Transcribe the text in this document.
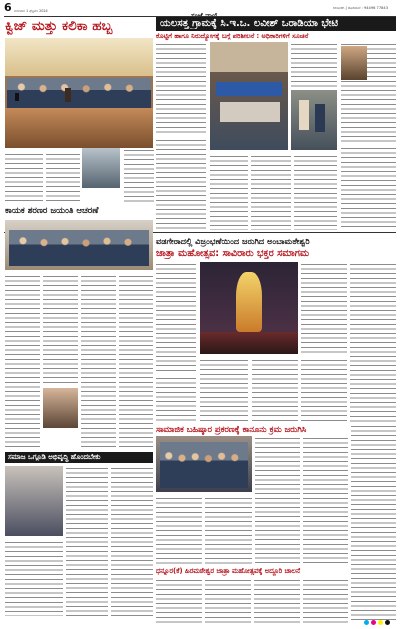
6 ಗುರುವಾರ 1 ಫೆಬ್ರವರಿ 2024
ಕಲಬುರಗಿ | ದೂರವಾಣಿ : 94496 77843
ಕ್ವಿಜ್ ಮತ್ತು ಕಲಿಕಾ ಹಬ್ಬ	ಯಲಸತ್ತ ಗ್ರಾಮಕ್ಕೆ ಸಿ.ಇ.ಒ. ಲವೀಶ್ ಒರಾಡಿಯಾ ಭೇಟಿ
ಕೊಟ್ಟಿಗೆ ಹಾಗೂ ನಿರುದ್ಯೋಗಕ್ಕೆ ಬಗ್ಗೆ ಪರಿಶೀಲನೆ : ಅಧಿಕಾರಿಗಳಿಗೆ ಸೂಚನೆ
ಕಾಯಕ ಶರಣರ ಜಯಂತಿ ಆಚರಣೆ
ವಡಗೇರಾದಲ್ಲಿ ವಿಜ್ರಂಭಣೆಯಿಂದ ಜರುಗಿದ ಅಂಬಾಮಠೇಶ್ವರಿ
ಜಾತ್ರಾ ಮಹೋತ್ಸವ: ಸಾವಿರಾರು ಭಕ್ತರ ಸಮಾಗಮ
ಸಮಾಜ ಒಗ್ಗೂಡಿ ಅಭಿವೃದ್ಧಿ ಹೊಂದಬೇಕು
ಸಾಮಾಜಿಕ ಬಹಿಷ್ಕಾರ ಪ್ರಕರಣಕ್ಕೆ ಕಾನೂನು ಕ್ರಮ ಜರುಗಿಸಿ
ಧನ್ನೂರ(ಕೆ) ಹಿರಮಠೇಶ್ವರ ಜಾತ್ರಾ ಮಹೋತ್ಸವಕ್ಕೆ ಅದ್ದೂರಿ ಚಾಲನೆ
